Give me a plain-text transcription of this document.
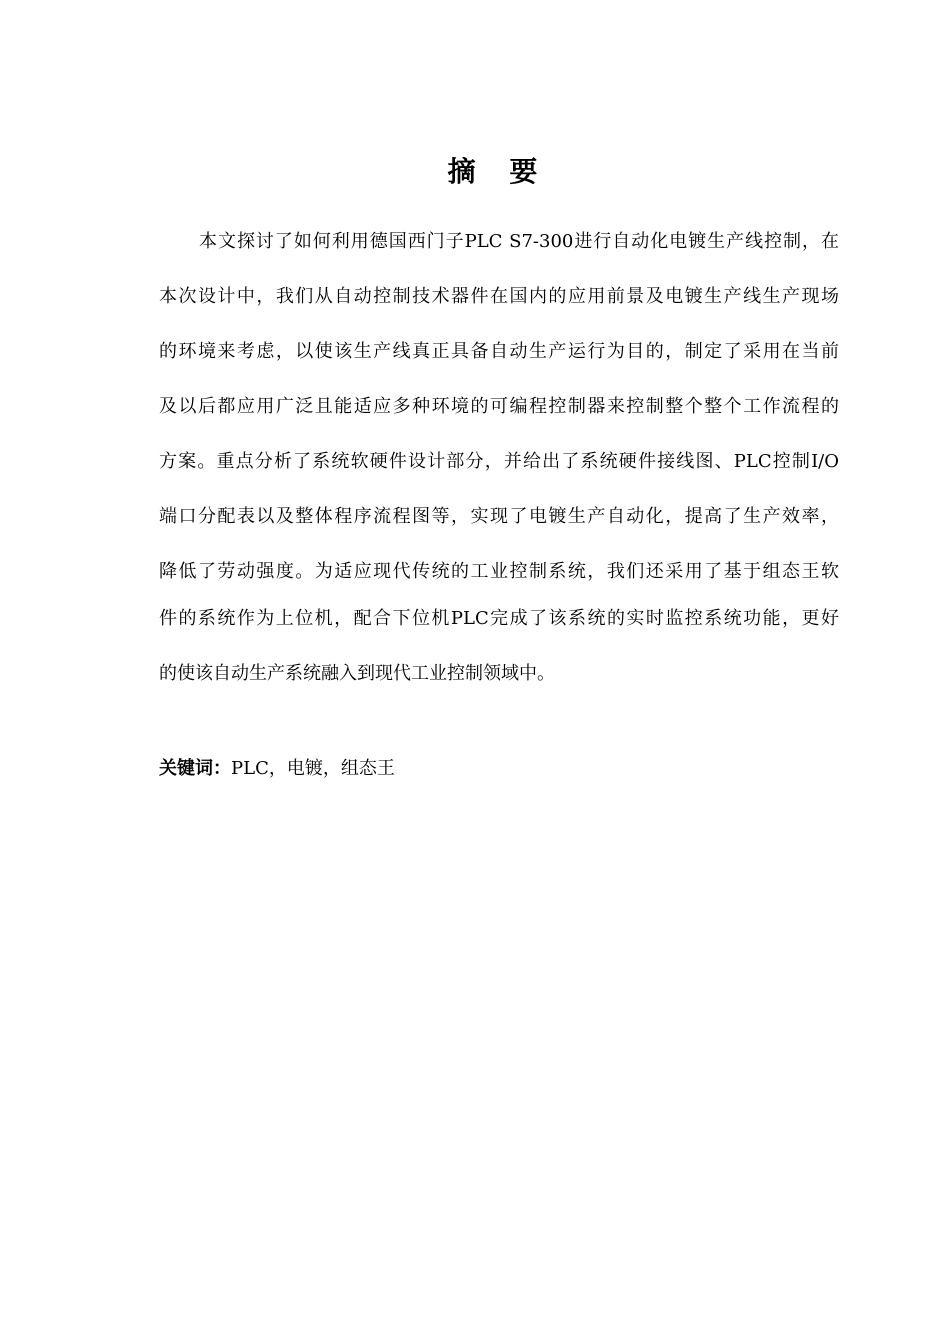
摘 要
本文探讨了如何利用德国西门子PLC S7-300进行自动化电镀生产线控制，在
本次设计中，我们从自动控制技术器件在国内的应用前景及电镀生产线生产现场
的环境来考虑，以使该生产线真正具备自动生产运行为目的，制定了采用在当前
及以后都应用广泛且能适应多种环境的可编程控制器来控制整个整个工作流程的
方案。重点分析了系统软硬件设计部分，并给出了系统硬件接线图、PLC控制I/O
端口分配表以及整体程序流程图等，实现了电镀生产自动化，提高了生产效率，
降低了劳动强度。为适应现代传统的工业控制系统，我们还采用了基于组态王软
件的系统作为上位机，配合下位机PLC完成了该系统的实时监控系统功能，更好
的使该自动生产系统融入到现代工业控制领域中。
关键词：PLC，电镀，组态王
